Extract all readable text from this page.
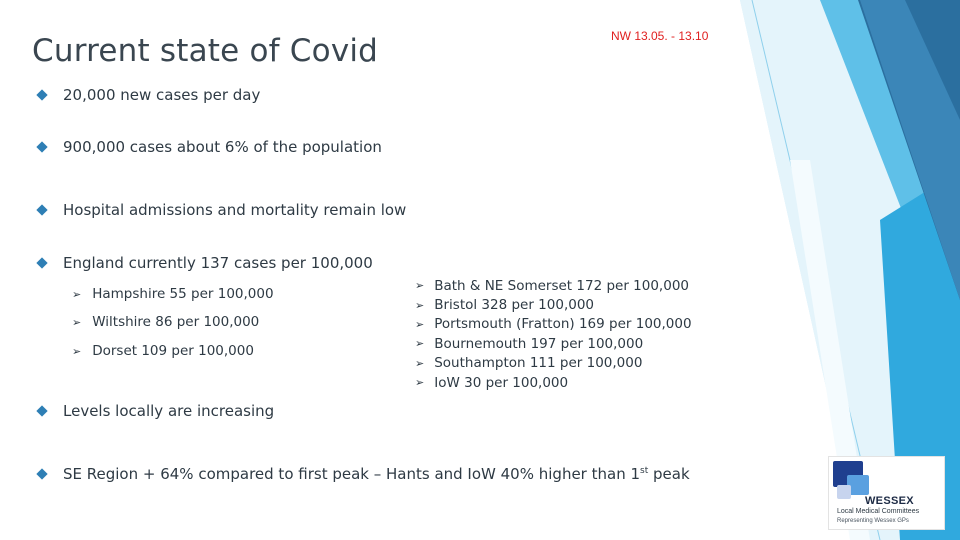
Current state of Covid	NW 13.05. - 13.10
20,000 new cases per day
900,000 cases about 6% of the population
Hospital admissions and mortality remain low
England currently 137 cases per 100,000
➢ Hampshire 55 per 100,000
➢ Wiltshire 86 per 100,000
➢ Dorset 109 per 100,000
➢ Bath & NE Somerset 172 per 100,000
➢ Bristol 328 per 100,000
➢ Portsmouth (Fratton) 169 per 100,000
➢ Bournemouth 197 per 100,000
➢ Southampton 111 per 100,000
➢ IoW 30 per 100,000
Levels locally are increasing
SE Region + 64% compared to first peak – Hants and IoW 40% higher than 1st peak
WESSEX
Local Medical Committees
Representing Wessex GPs
